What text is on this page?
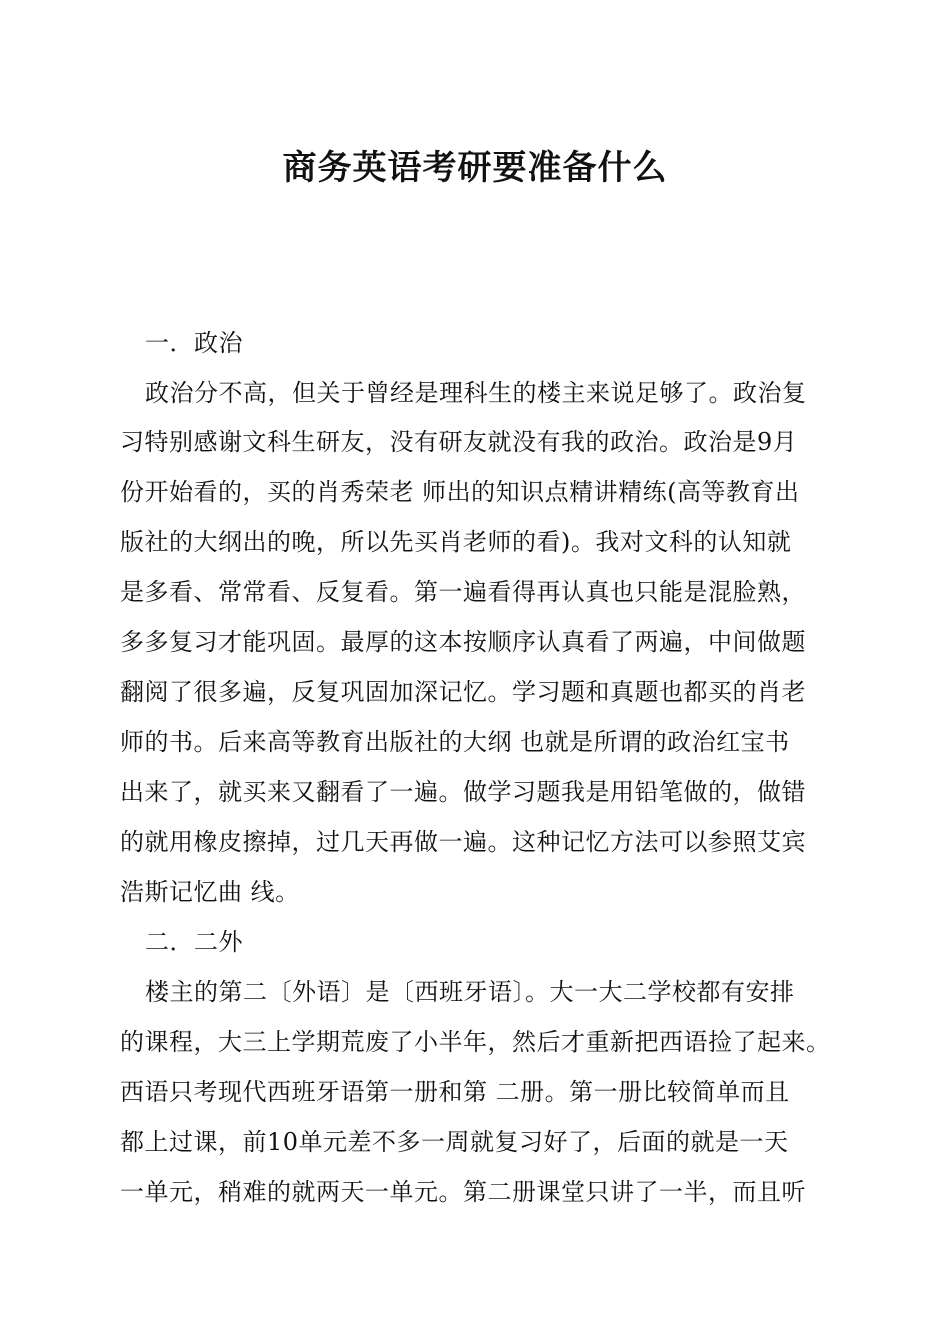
商务英语考研要准备什么

一．政治

政治分不高，但关于曾经是理科生的楼主来说足够了。政治复

习特别感谢文科生研友，没有研友就没有我的政治。政治是9月

份开始看的，买的肖秀荣老 师出的知识点精讲精练(高等教育出

版社的大纲出的晚，所以先买肖老师的看)。我对文科的认知就

是多看、常常看、反复看。第一遍看得再认真也只能是混脸熟，

多多复习才能巩固。最厚的这本按顺序认真看了两遍，中间做题

翻阅了很多遍，反复巩固加深记忆。学习题和真题也都买的肖老

师的书。后来高等教育出版社的大纲 也就是所谓的政治红宝书

出来了，就买来又翻看了一遍。做学习题我是用铅笔做的，做错

的就用橡皮擦掉，过几天再做一遍。这种记忆方法可以参照艾宾

浩斯记忆曲 线。

二．二外

楼主的第二〔外语〕是〔西班牙语〕。大一大二学校都有安排

的课程，大三上学期荒废了小半年，然后才重新把西语捡了起来。

西语只考现代西班牙语第一册和第 二册。第一册比较简单而且

都上过课，前10单元差不多一周就复习好了，后面的就是一天

一单元，稍难的就两天一单元。第二册课堂只讲了一半，而且听
